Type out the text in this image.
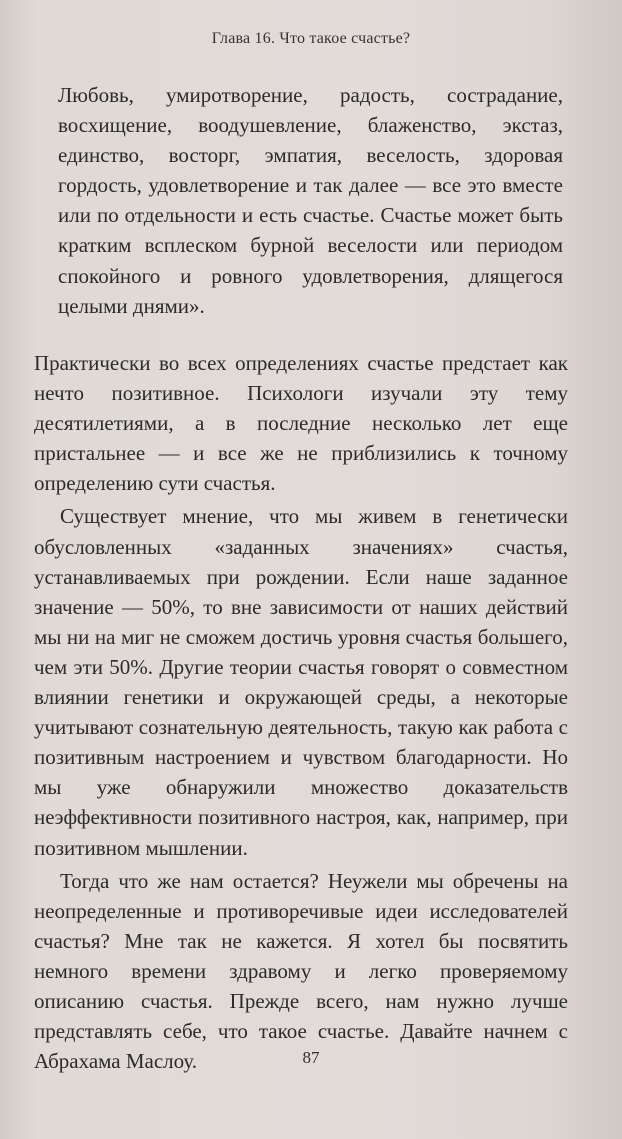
Глава 16. Что такое счастье?

Любовь, умиротворение, радость, сострадание, восхищение, воодушевление, блаженство, экстаз, единство, восторг, эмпатия, веселость, здоровая гордость, удовлетворение и так далее — все это вместе или по отдельности и есть счастье. Счастье может быть кратким всплеском бурной веселости или периодом спокойного и ровного удовлетворения, длящегося целыми днями».

Практически во всех определениях счастье предстает как нечто позитивное. Психологи изучали эту тему десятилетиями, а в последние несколько лет еще пристальнее — и все же не приблизились к точному определению сути счастья.

Существует мнение, что мы живем в генетически обусловленных «заданных значениях» счастья, устанавливаемых при рождении. Если наше заданное значение — 50%, то вне зависимости от наших действий мы ни на миг не сможем достичь уровня счастья большего, чем эти 50%. Другие теории счастья говорят о совместном влиянии генетики и окружающей среды, а некоторые учитывают сознательную деятельность, такую как работа с позитивным настроением и чувством благодарности. Но мы уже обнаружили множество доказательств неэффективности позитивного настроя, как, например, при позитивном мышлении.

Тогда что же нам остается? Неужели мы обречены на неопределенные и противоречивые идеи исследователей счастья? Мне так не кажется. Я хотел бы посвятить немного времени здравому и легко проверяемому описанию счастья. Прежде всего, нам нужно лучше представлять себе, что такое счастье. Давайте начнем с Абрахама Маслоу.	87
